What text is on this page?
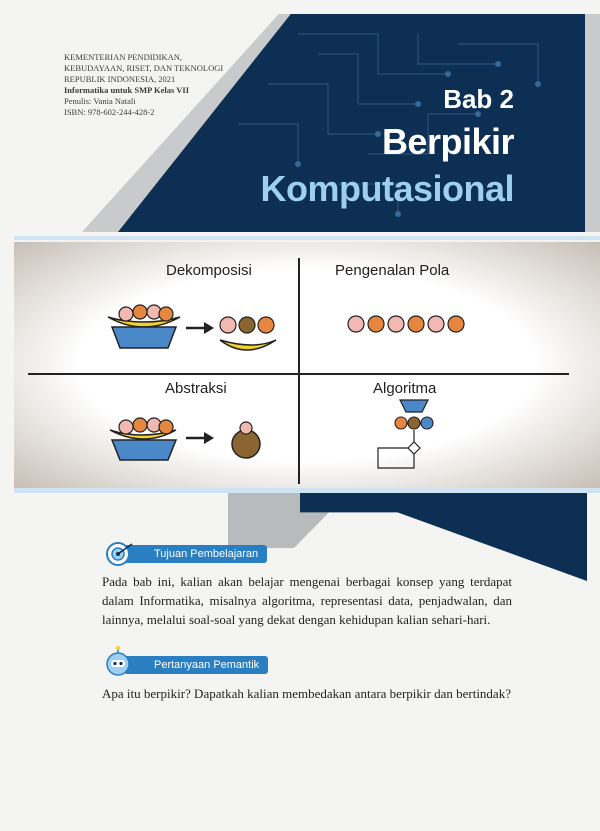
KEMENTERIAN PENDIDIKAN,
KEBUDAYAAN, RISET, DAN TEKNOLOGI
REPUBLIK INDONESIA, 2021
Informatika untuk SMP Kelas VII
Penulis: Vania Natali
ISBN: 978-602-244-428-2	Bab 2
Berpikir
Komputasional
Dekomposisi	Pengenalan Pola
Abstraksi	Algoritma
Tujuan Pembelajaran
Pada bab ini, kalian akan belajar mengenai berbagai konsep yang terdapat dalam Informatika, misalnya algoritma, representasi data, penjadwalan, dan lainnya, melalui soal-soal yang dekat dengan kehidupan kalian sehari-hari.
Pertanyaan Pemantik
Apa itu berpikir? Dapatkah kalian membedakan antara berpikir dan bertindak?
